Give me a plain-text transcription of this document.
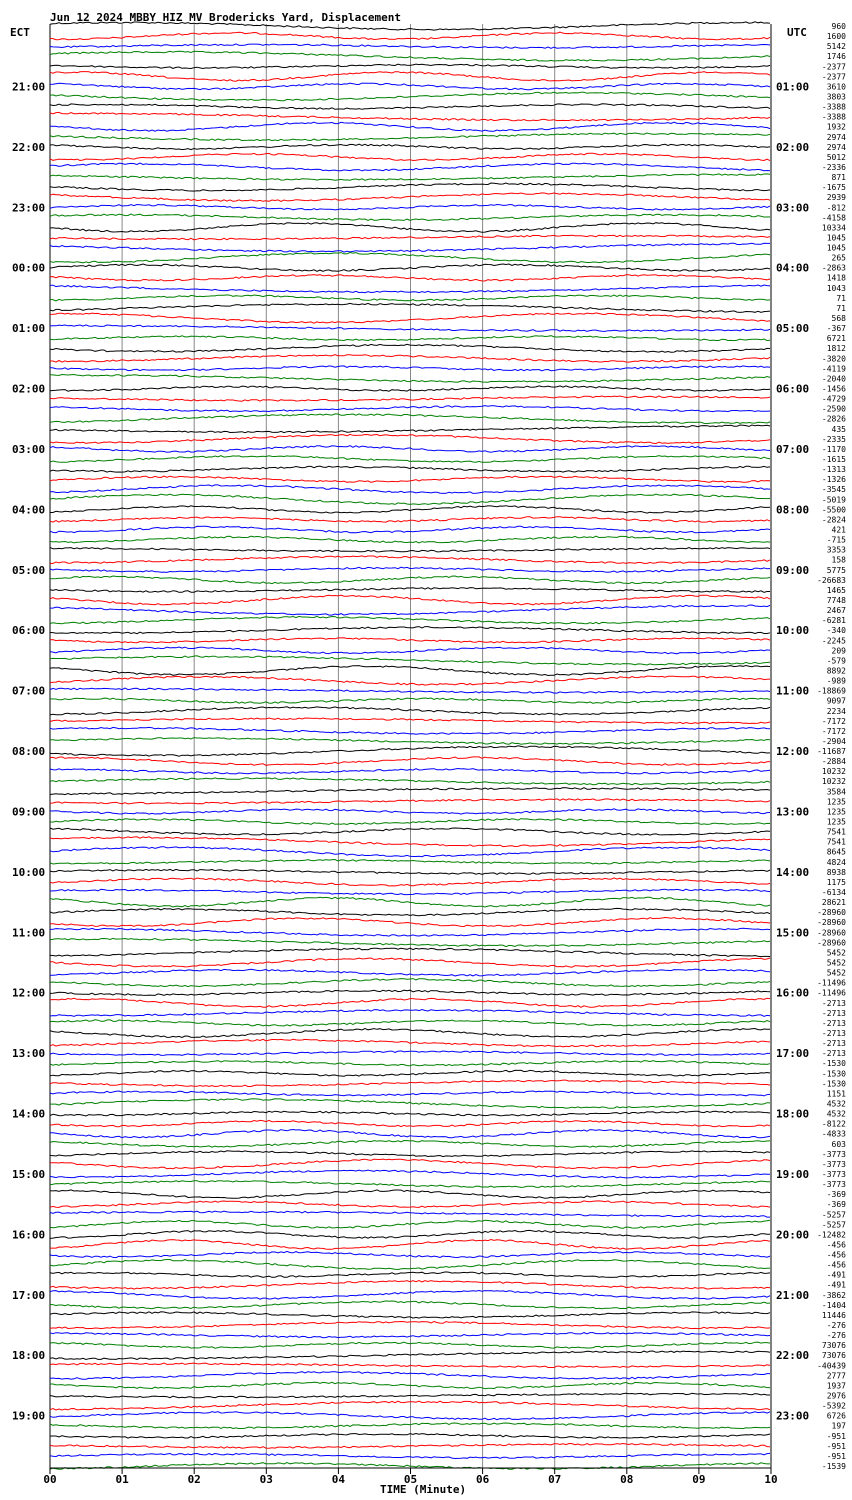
Jun 12 2024 MBBY HIZ MV Brodericks Yard, Displacement
ECT	UTC
21:00
22:00
23:00
00:00
01:00
02:00
03:00
04:00
05:00
06:00
07:00
08:00
09:00
10:00
11:00
12:00
13:00
14:00
15:00
16:00
17:00
18:00
19:00
01:00
02:00
03:00
04:00
05:00
06:00
07:00
08:00
09:00
10:00
11:00
12:00
13:00
14:00
15:00
16:00
17:00
18:00
19:00
20:00
21:00
22:00
23:00
960
1600
5142
1746
-2377
-2377
3610
3803
-3388
-3388
1932
2974
2974
5012
-2336
871
-1675
2939
-812
-4158
10334
1045
1045
265
-2863
1418
1043
71
71
568
-367
6721
1812
-3820
-4119
-2040
-1456
-4729
-2590
-2826
435
-2335
-1170
-1615
-1313
-1326
-3545
-5019
-5500
-2824
421
-715
3353
158
5775
-26683
1465
7748
2467
-6281
-340
-2245
209
-579
8892
-989
-18869
9097
2234
-7172
-7172
-2904
-11687
-2884
10232
10232
3584
1235
1235
1235
7541
7541
8645
4824
8938
1175
-6134
28621
-28960
-28960
-28960
-28960
5452
5452
5452
-11496
-11496
-2713
-2713
-2713
-2713
-2713
-2713
-1530
-1530
-1530
1151
4532
4532
-8122
-4833
603
-3773
-3773
-3773
-3773
-369
-369
-5257
-5257
-12482
-456
-456
-456
-491
-491
-3862
-1404
11446
-276
-276
73076
73076
-40439
2777
1937
2976
-5392
6726
197
-951
-951
-951
-1539
00	01	02	03	04	05	06	07	08	09	10
TIME (Minute)
